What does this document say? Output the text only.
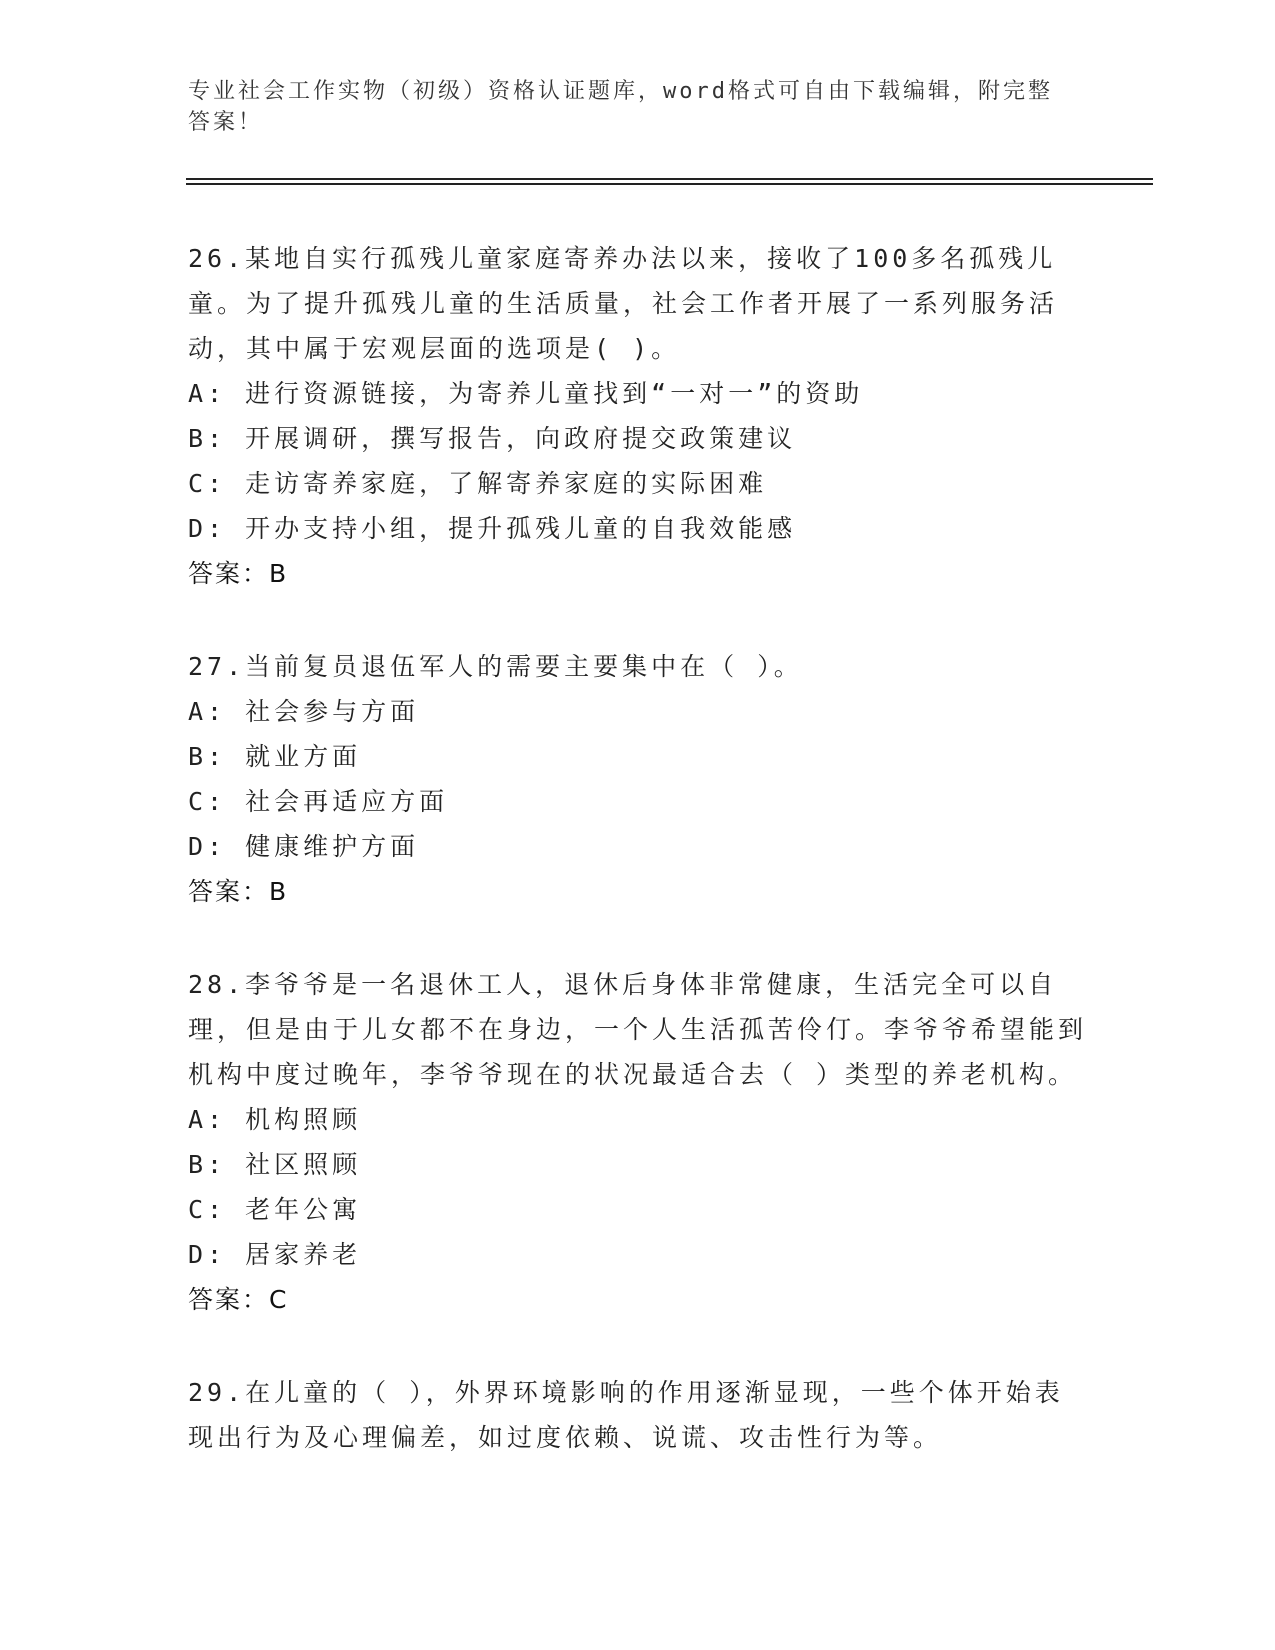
专业社会工作实物（初级）资格认证题库，word格式可自由下载编辑，附完整答案！
26.某地自实行孤残儿童家庭寄养办法以来，接收了100多名孤残儿童。为了提升孤残儿童的生活质量，社会工作者开展了一系列服务活动，其中属于宏观层面的选项是( )。
A: 进行资源链接，为寄养儿童找到“一对一”的资助
B: 开展调研，撰写报告，向政府提交政策建议
C: 走访寄养家庭，了解寄养家庭的实际困难
D: 开办支持小组，提升孤残儿童的自我效能感
答案：B
27.当前复员退伍军人的需要主要集中在（ ）。
A: 社会参与方面
B: 就业方面
C: 社会再适应方面
D: 健康维护方面
答案：B
28.李爷爷是一名退休工人，退休后身体非常健康，生活完全可以自理，但是由于儿女都不在身边，一个人生活孤苦伶仃。李爷爷希望能到机构中度过晚年，李爷爷现在的状况最适合去（ ）类型的养老机构。
A: 机构照顾
B: 社区照顾
C: 老年公寓
D: 居家养老
答案：C
29.在儿童的（ ），外界环境影响的作用逐渐显现，一些个体开始表现出行为及心理偏差，如过度依赖、说谎、攻击性行为等。
